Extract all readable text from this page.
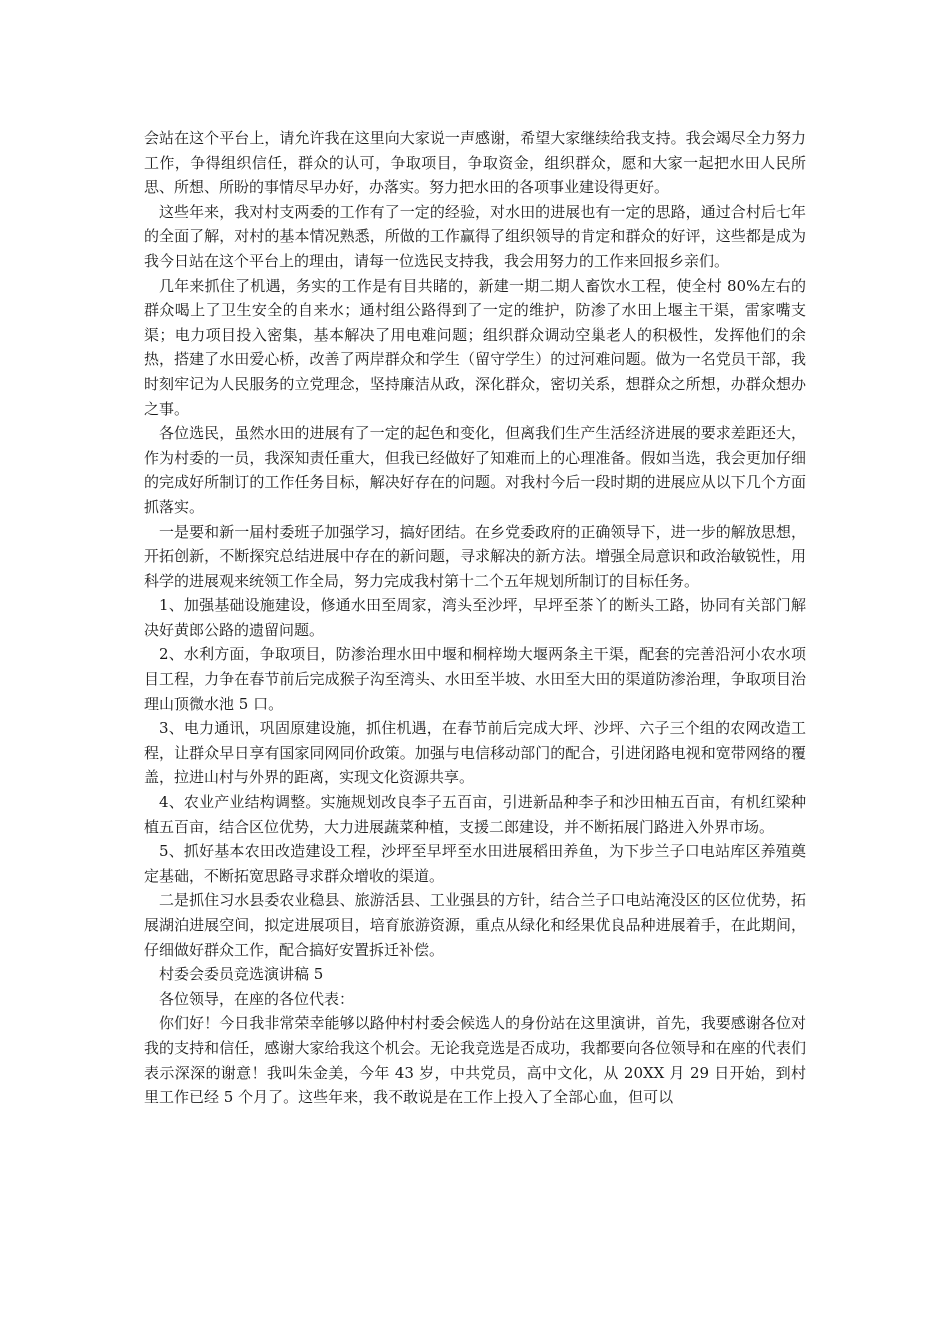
会站在这个平台上，请允许我在这里向大家说一声感谢，希望大家继续给我支持。我会竭尽全力努力工作，争得组织信任，群众的认可，争取项目，争取资金，组织群众，愿和大家一起把水田人民所思、所想、所盼的事情尽早办好，办落实。努力把水田的各项事业建设得更好。

这些年来，我对村支两委的工作有了一定的经验，对水田的进展也有一定的思路，通过合村后七年的全面了解，对村的基本情况熟悉，所做的工作赢得了组织领导的肯定和群众的好评，这些都是成为我今日站在这个平台上的理由，请每一位选民支持我，我会用努力的工作来回报乡亲们。

几年来抓住了机遇，务实的工作是有目共睹的，新建一期二期人畜饮水工程，使全村 80%左右的群众喝上了卫生安全的自来水；通村组公路得到了一定的维护，防渗了水田上堰主干渠，雷家嘴支渠；电力项目投入密集，基本解决了用电难问题；组织群众调动空巢老人的积极性，发挥他们的余热，搭建了水田爱心桥，改善了两岸群众和学生（留守学生）的过河难问题。做为一名党员干部，我时刻牢记为人民服务的立党理念，坚持廉洁从政，深化群众，密切关系，想群众之所想，办群众想办之事。

各位选民，虽然水田的进展有了一定的起色和变化，但离我们生产生活经济进展的要求差距还大，作为村委的一员，我深知责任重大，但我已经做好了知难而上的心理准备。假如当选，我会更加仔细的完成好所制订的工作任务目标，解决好存在的问题。对我村今后一段时期的进展应从以下几个方面抓落实。

一是要和新一届村委班子加强学习，搞好团结。在乡党委政府的正确领导下，进一步的解放思想，开拓创新，不断探究总结进展中存在的新问题，寻求解决的新方法。增强全局意识和政治敏锐性，用科学的进展观来统领工作全局，努力完成我村第十二个五年规划所制订的目标任务。

1、加强基础设施建设，修通水田至周家，湾头至沙坪，早坪至茶丫的断头工路，协同有关部门解决好黄郎公路的遗留问题。

2、水利方面，争取项目，防渗治理水田中堰和桐梓坳大堰两条主干渠，配套的完善沿河小农水项目工程，力争在春节前后完成猴子沟至湾头、水田至半坡、水田至大田的渠道防渗治理，争取项目治理山顶微水池 5 口。

3、电力通讯，巩固原建设施，抓住机遇，在春节前后完成大坪、沙坪、六子三个组的农网改造工程，让群众早日享有国家同网同价政策。加强与电信移动部门的配合，引进闭路电视和宽带网络的覆盖，拉进山村与外界的距离，实现文化资源共享。

4、农业产业结构调整。实施规划改良李子五百亩，引进新品种李子和沙田柚五百亩，有机红梁种植五百亩，结合区位优势，大力进展蔬菜种植，支援二郎建设，并不断拓展门路进入外界市场。

5、抓好基本农田改造建设工程，沙坪至早坪至水田进展稻田养鱼，为下步兰子口电站库区养殖奠定基础，不断拓宽思路寻求群众增收的渠道。

二是抓住习水县委农业稳县、旅游活县、工业强县的方针，结合兰子口电站淹没区的区位优势，拓展湖泊进展空间，拟定进展项目，培育旅游资源，重点从绿化和经果优良品种进展着手，在此期间，仔细做好群众工作，配合搞好安置拆迁补偿。

村委会委员竞选演讲稿 5

各位领导，在座的各位代表：

你们好！今日我非常荣幸能够以路仲村村委会候选人的身份站在这里演讲，首先，我要感谢各位对我的支持和信任，感谢大家给我这个机会。无论我竞选是否成功，我都要向各位领导和在座的代表们表示深深的谢意！我叫朱金美，今年 43 岁，中共党员，高中文化，从 20XX 月 29 日开始，到村里工作已经 5 个月了。这些年来，我不敢说是在工作上投入了全部心血，但可以
